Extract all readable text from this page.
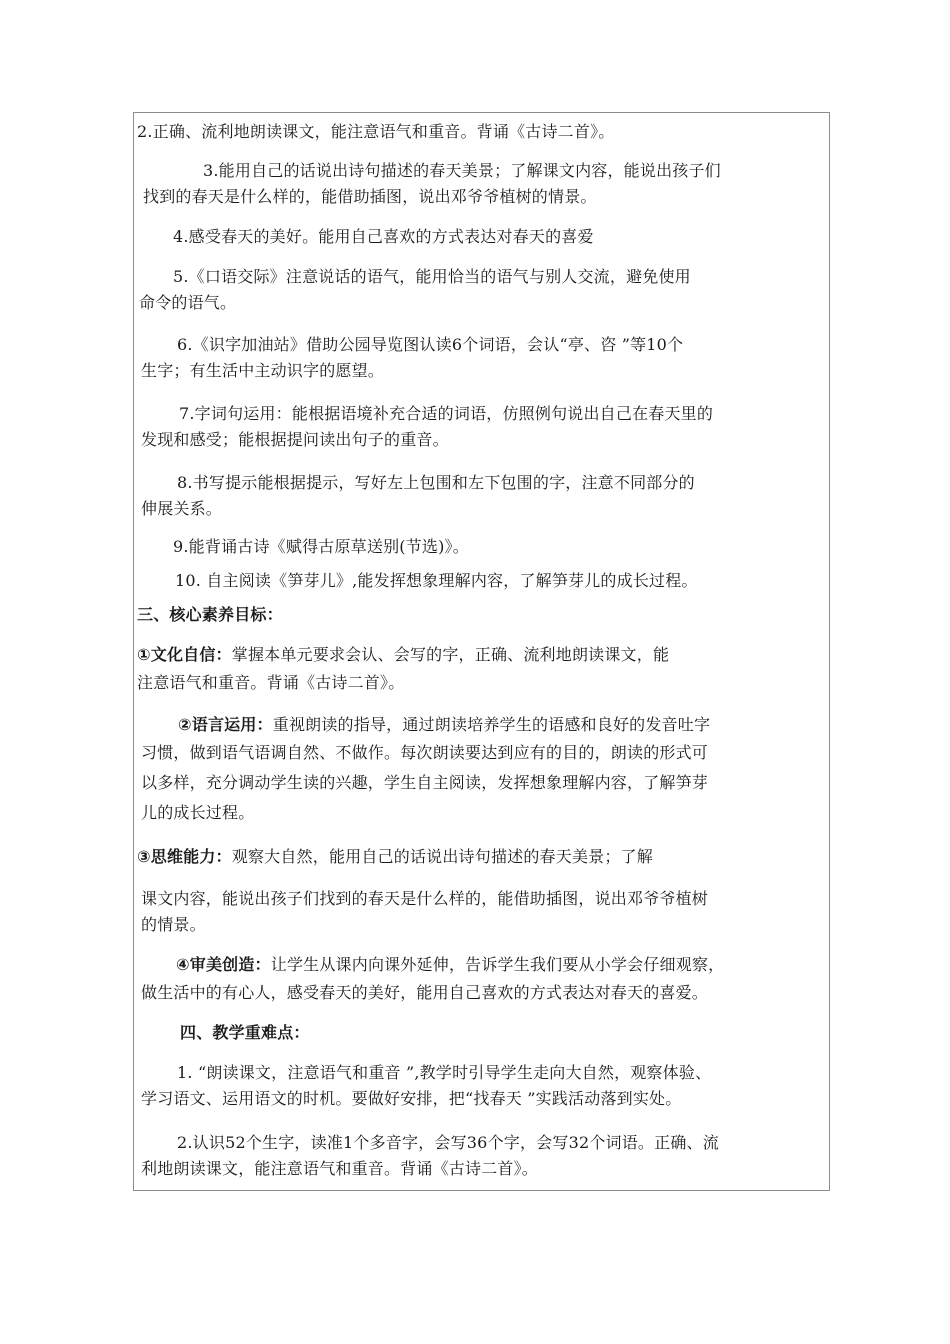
2.正确、流利地朗读课文，能注意语气和重音。背诵《古诗二首》。
3.能用自己的话说出诗句描述的春天美景；了解课文内容，能说出孩子们
找到的春天是什么样的，能借助插图，说出邓爷爷植树的情景。
4.感受春天的美好。能用自己喜欢的方式表达对春天的喜爱
5.《口语交际》注意说话的语气，能用恰当的语气与别人交流，避免使用
命令的语气。
6.《识字加油站》借助公园导览图认读6个词语，会认“亭、咨 ”等10个
生字；有生活中主动识字的愿望。
7.字词句运用：能根据语境补充合适的词语，仿照例句说出自己在春天里的
发现和感受；能根据提问读出句子的重音。
8.书写提示能根据提示，写好左上包围和左下包围的字，注意不同部分的
伸展关系。
9.能背诵古诗《赋得古原草送别(节选)》。
10. 自主阅读《笋芽儿》,能发挥想象理解内容，了解笋芽儿的成长过程。
三、核心素养目标：
①文化自信：掌握本单元要求会认、会写的字，正确、流利地朗读课文，能
注意语气和重音。背诵《古诗二首》。
②语言运用：重视朗读的指导，通过朗读培养学生的语感和良好的发音吐字
习惯，做到语气语调自然、不做作。每次朗读要达到应有的目的，朗读的形式可
以多样，充分调动学生读的兴趣，学生自主阅读，发挥想象理解内容，了解笋芽
儿的成长过程。
③思维能力：观察大自然，能用自己的话说出诗句描述的春天美景；了解
课文内容，能说出孩子们找到的春天是什么样的，能借助插图，说出邓爷爷植树
的情景。
④审美创造：让学生从课内向课外延伸，告诉学生我们要从小学会仔细观察，
做生活中的有心人，感受春天的美好，能用自己喜欢的方式表达对春天的喜爱。
四、教学重难点：
1. “朗读课文，注意语气和重音 ”,教学时引导学生走向大自然，观察体验、
学习语文、运用语文的时机。要做好安排，把“找春天 ”实践活动落到实处。
2.认识52个生字，读准1个多音字，会写36个字，会写32个词语。正确、流
利地朗读课文，能注意语气和重音。背诵《古诗二首》。
